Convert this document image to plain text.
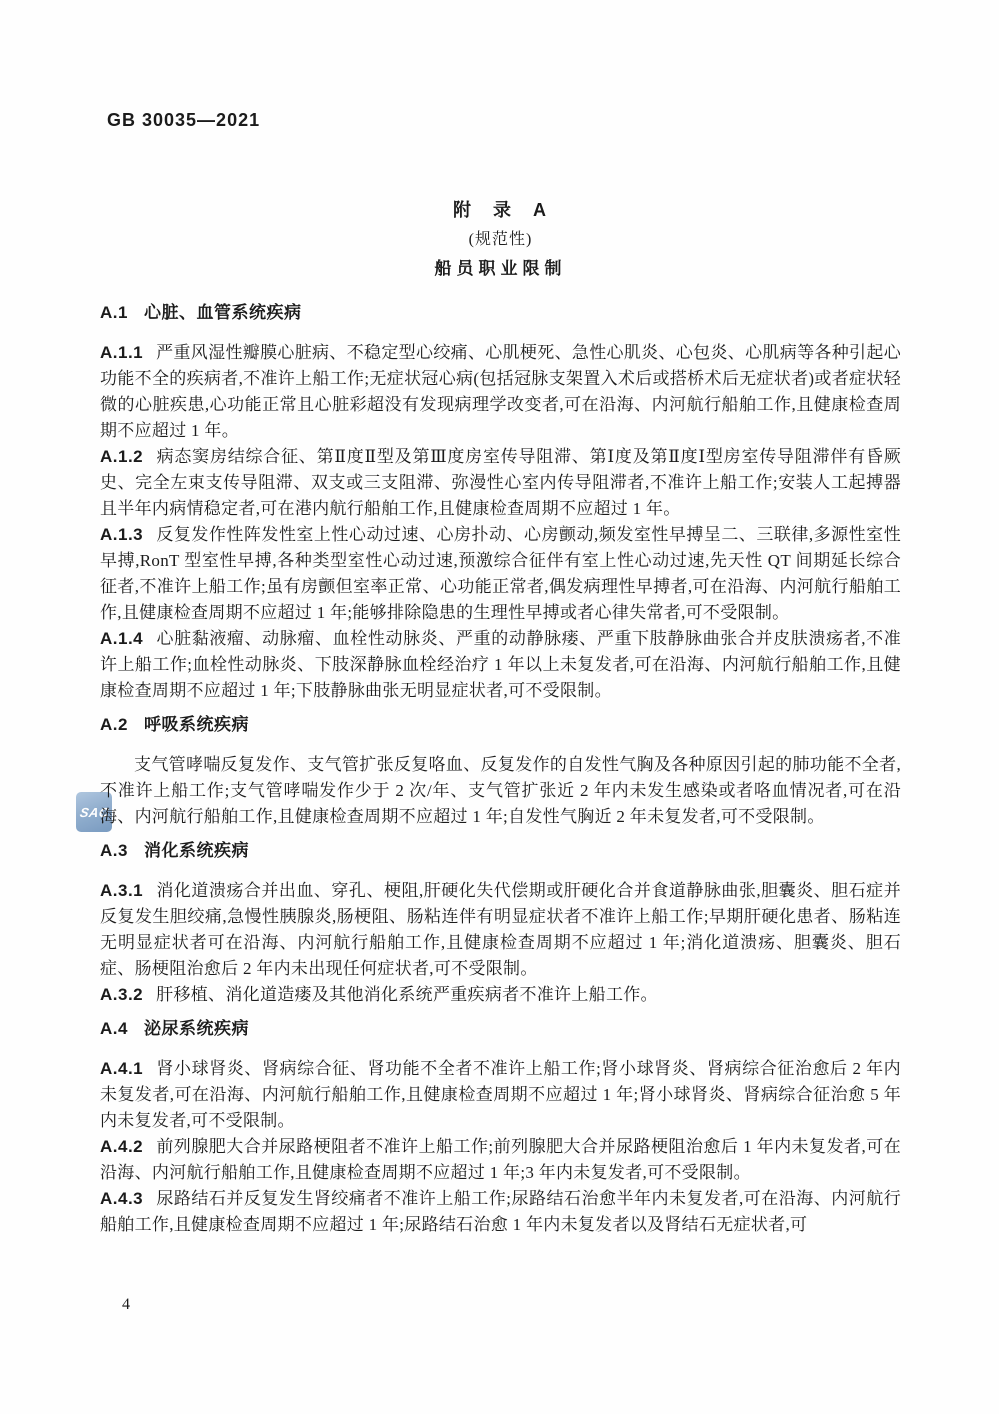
GB 30035—2021
SAC
附　录　A
(规范性)
船员职业限制
A.1 心脏、血管系统疾病

A.1.1 严重风湿性瓣膜心脏病、不稳定型心绞痛、心肌梗死、急性心肌炎、心包炎、心肌病等各种引起心功能不全的疾病者,不准许上船工作;无症状冠心病(包括冠脉支架置入术后或搭桥术后无症状者)或者症状轻微的心脏疾患,心功能正常且心脏彩超没有发现病理学改变者,可在沿海、内河航行船舶工作,且健康检查周期不应超过 1 年。

A.1.2 病态窦房结综合征、第Ⅱ度Ⅱ型及第Ⅲ度房室传导阻滞、第Ⅰ度及第Ⅱ度Ⅰ型房室传导阻滞伴有昏厥史、完全左束支传导阻滞、双支或三支阻滞、弥漫性心室内传导阻滞者,不准许上船工作;安装人工起搏器且半年内病情稳定者,可在港内航行船舶工作,且健康检查周期不应超过 1 年。

A.1.3 反复发作性阵发性室上性心动过速、心房扑动、心房颤动,频发室性早搏呈二、三联律,多源性室性早搏,RonT 型室性早搏,各种类型室性心动过速,预激综合征伴有室上性心动过速,先天性 QT 间期延长综合征者,不准许上船工作;虽有房颤但室率正常、心功能正常者,偶发病理性早搏者,可在沿海、内河航行船舶工作,且健康检查周期不应超过 1 年;能够排除隐患的生理性早搏或者心律失常者,可不受限制。

A.1.4 心脏黏液瘤、动脉瘤、血栓性动脉炎、严重的动静脉瘘、严重下肢静脉曲张合并皮肤溃疡者,不准许上船工作;血栓性动脉炎、下肢深静脉血栓经治疗 1 年以上未复发者,可在沿海、内河航行船舶工作,且健康检查周期不应超过 1 年;下肢静脉曲张无明显症状者,可不受限制。

A.2 呼吸系统疾病

支气管哮喘反复发作、支气管扩张反复咯血、反复发作的自发性气胸及各种原因引起的肺功能不全者,不准许上船工作;支气管哮喘发作少于 2 次/年、支气管扩张近 2 年内未发生感染或者咯血情况者,可在沿海、内河航行船舶工作,且健康检查周期不应超过 1 年;自发性气胸近 2 年未复发者,可不受限制。

A.3 消化系统疾病

A.3.1 消化道溃疡合并出血、穿孔、梗阻,肝硬化失代偿期或肝硬化合并食道静脉曲张,胆囊炎、胆石症并反复发生胆绞痛,急慢性胰腺炎,肠梗阻、肠粘连伴有明显症状者不准许上船工作;早期肝硬化患者、肠粘连无明显症状者可在沿海、内河航行船舶工作,且健康检查周期不应超过 1 年;消化道溃疡、胆囊炎、胆石症、肠梗阻治愈后 2 年内未出现任何症状者,可不受限制。

A.3.2 肝移植、消化道造瘘及其他消化系统严重疾病者不准许上船工作。

A.4 泌尿系统疾病

A.4.1 肾小球肾炎、肾病综合征、肾功能不全者不准许上船工作;肾小球肾炎、肾病综合征治愈后 2 年内未复发者,可在沿海、内河航行船舶工作,且健康检查周期不应超过 1 年;肾小球肾炎、肾病综合征治愈 5 年内未复发者,可不受限制。

A.4.2 前列腺肥大合并尿路梗阻者不准许上船工作;前列腺肥大合并尿路梗阻治愈后 1 年内未复发者,可在沿海、内河航行船舶工作,且健康检查周期不应超过 1 年;3 年内未复发者,可不受限制。

A.4.3 尿路结石并反复发生肾绞痛者不准许上船工作;尿路结石治愈半年内未复发者,可在沿海、内河航行船舶工作,且健康检查周期不应超过 1 年;尿路结石治愈 1 年内未复发者以及肾结石无症状者,可

4
